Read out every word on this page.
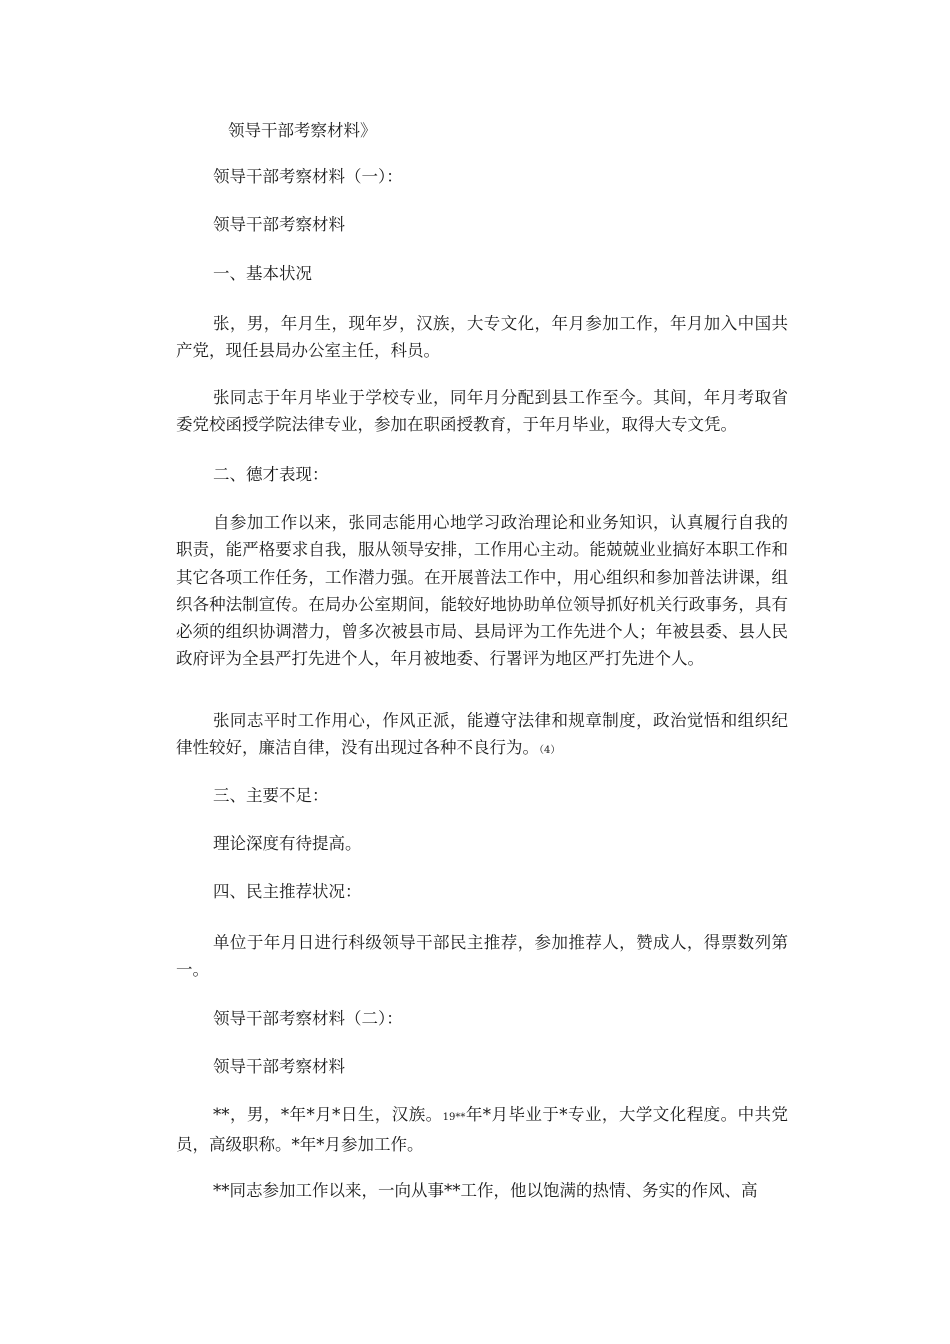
领导干部考察材料》
领导干部考察材料（一）：
领导干部考察材料
一、基本状况

张，男，年月生，现年岁，汉族，大专文化，年月参加工作，年月加入中国共产党，现任县局办公室主任，科员。

张同志于年月毕业于学校专业，同年月分配到县工作至今。其间，年月考取省委党校函授学院法律专业，参加在职函授教育，于年月毕业，取得大专文凭。

二、德才表现：

自参加工作以来，张同志能用心地学习政治理论和业务知识，认真履行自我的职责，能严格要求自我，服从领导安排，工作用心主动。能兢兢业业搞好本职工作和其它各项工作任务，工作潜力强。在开展普法工作中，用心组织和参加普法讲课，组织各种法制宣传。在局办公室期间，能较好地协助单位领导抓好机关行政事务，具有必须的组织协调潜力，曾多次被县市局、县局评为工作先进个人；年被县委、县人民政府评为全县严打先进个人，年月被地委、行署评为地区严打先进个人。

张同志平时工作用心，作风正派，能遵守法律和规章制度，政治觉悟和组织纪律性较好，廉洁自律，没有出现过各种不良行为。（4）

三、主要不足：
理论深度有待提高。
四、民主推荐状况：

单位于年月日进行科级领导干部民主推荐，参加推荐人，赞成人，得票数列第一。

领导干部考察材料（二）：
领导干部考察材料

**，男，*年*月*日生，汉族。19**年*月毕业于*专业，大学文化程度。中共党员，高级职称。*年*月参加工作。

**同志参加工作以来，一向从事**工作，他以饱满的热情、务实的作风、高
